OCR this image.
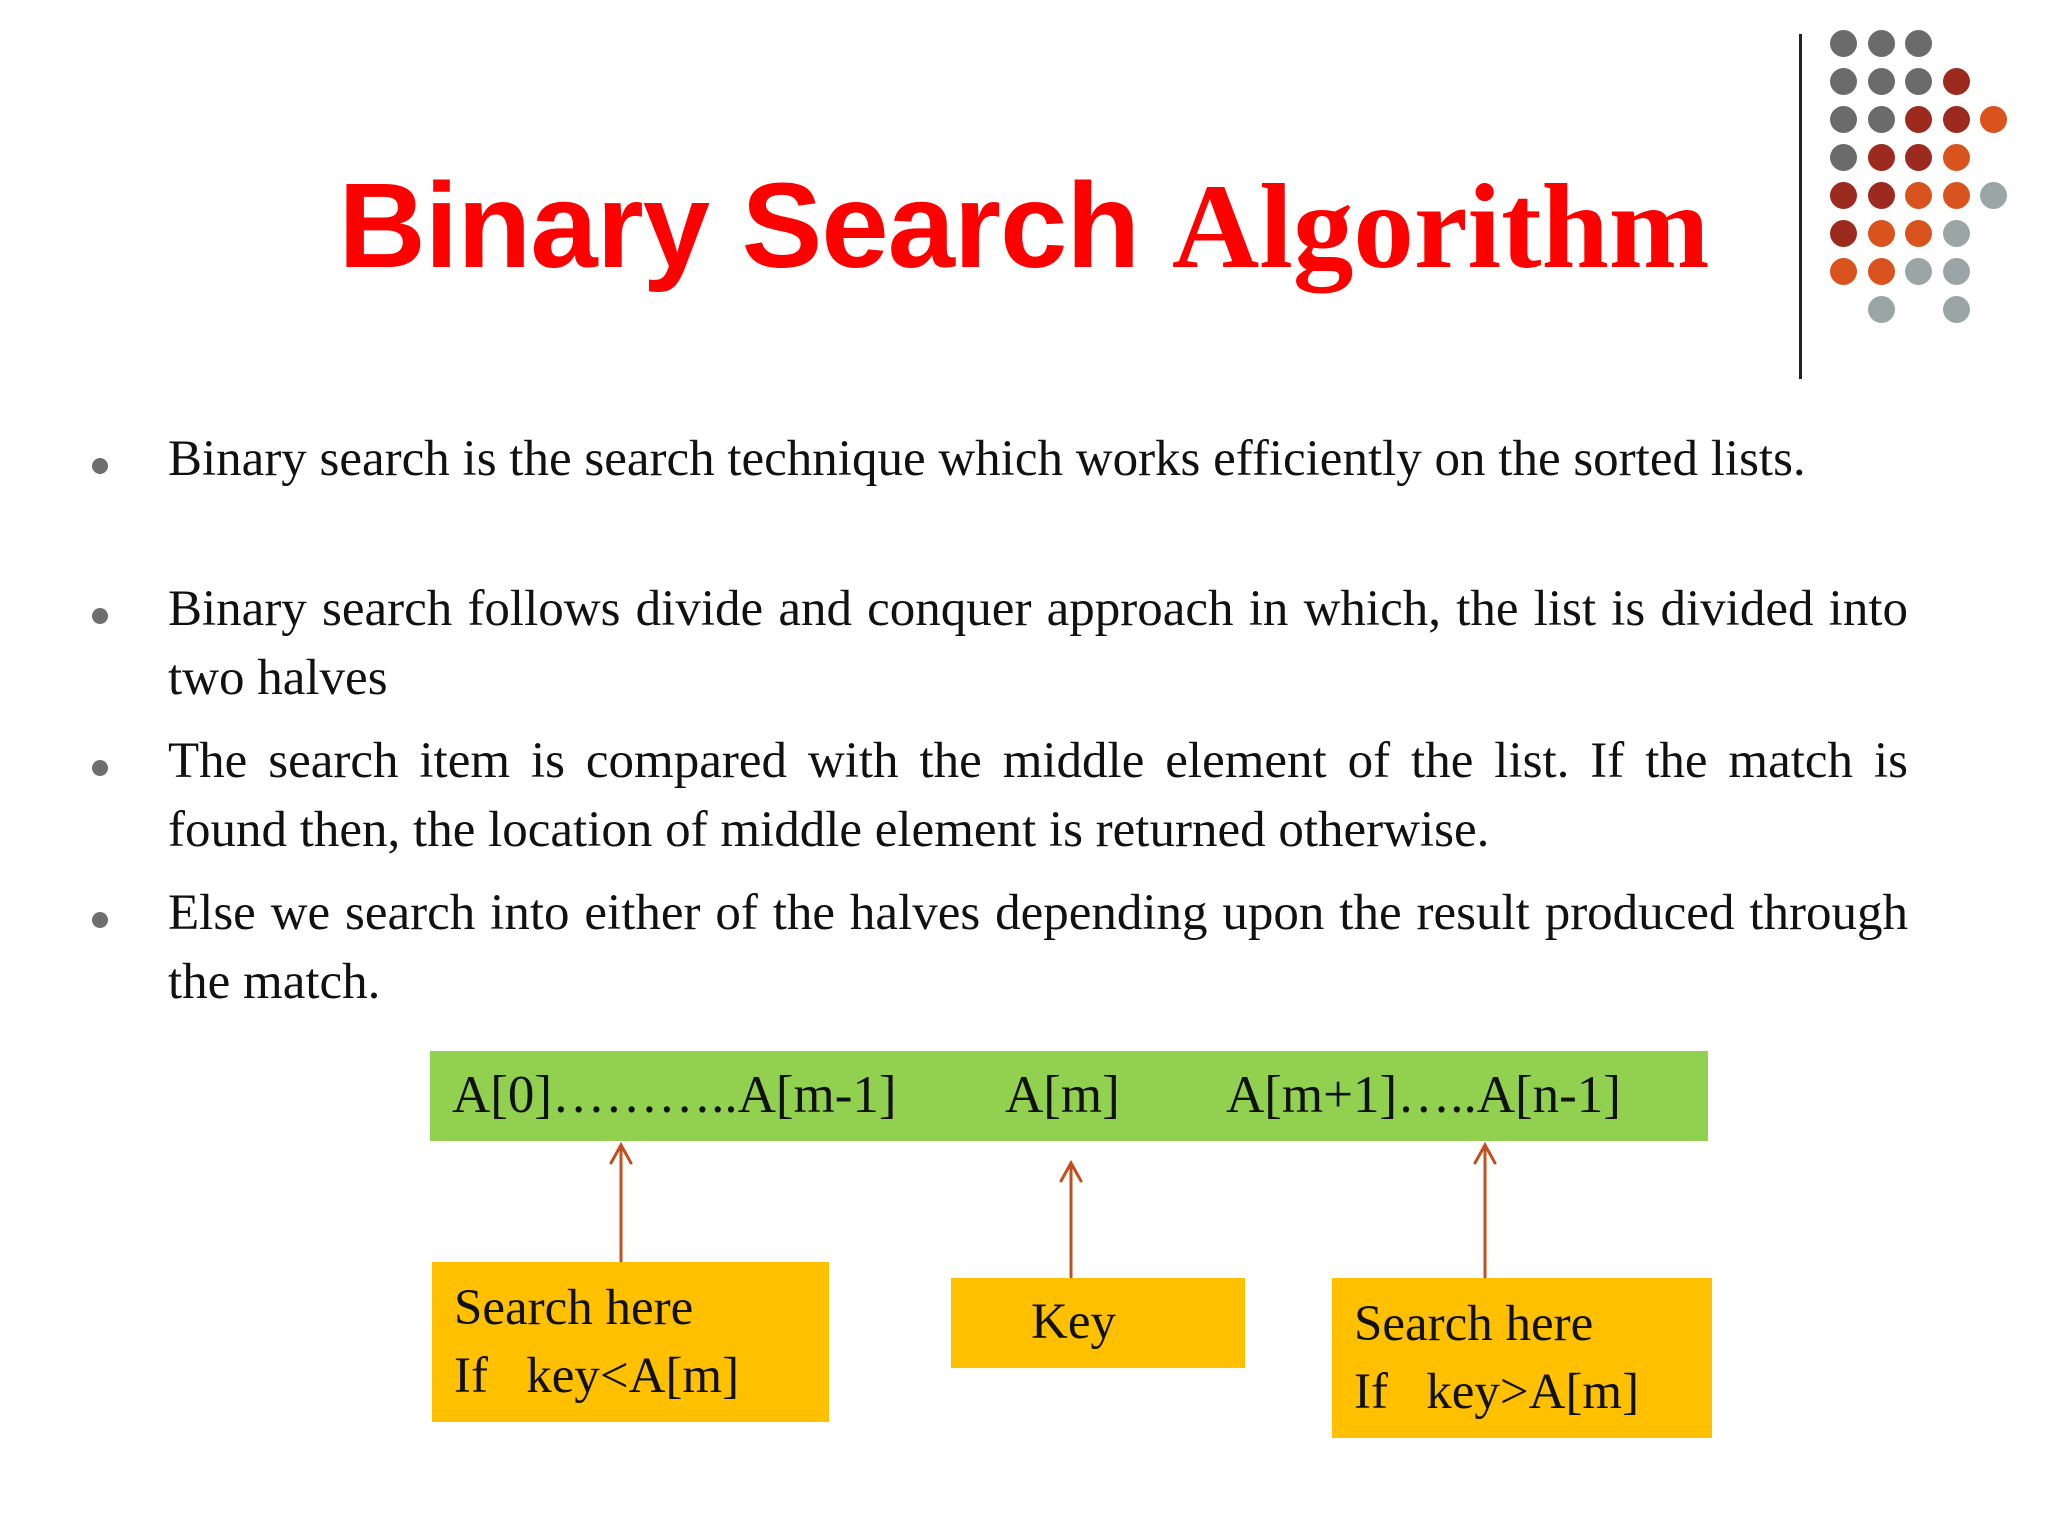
Binary Search Algorithm
Binary search is the search technique which works efficiently on the sorted lists.
Binary search follows divide and conquer approach in which, the list is divided into two halves
The search item is compared with the middle element of the list. If the match is found then, the location of middle element is returned otherwise.
Else we search into either of the halves depending upon the result produced through the match.
A[0]………..A[m-1] A[m] A[m+1]…..A[n-1]
Search here
If   key<A[m]
Key	Search here
If   key>A[m]
